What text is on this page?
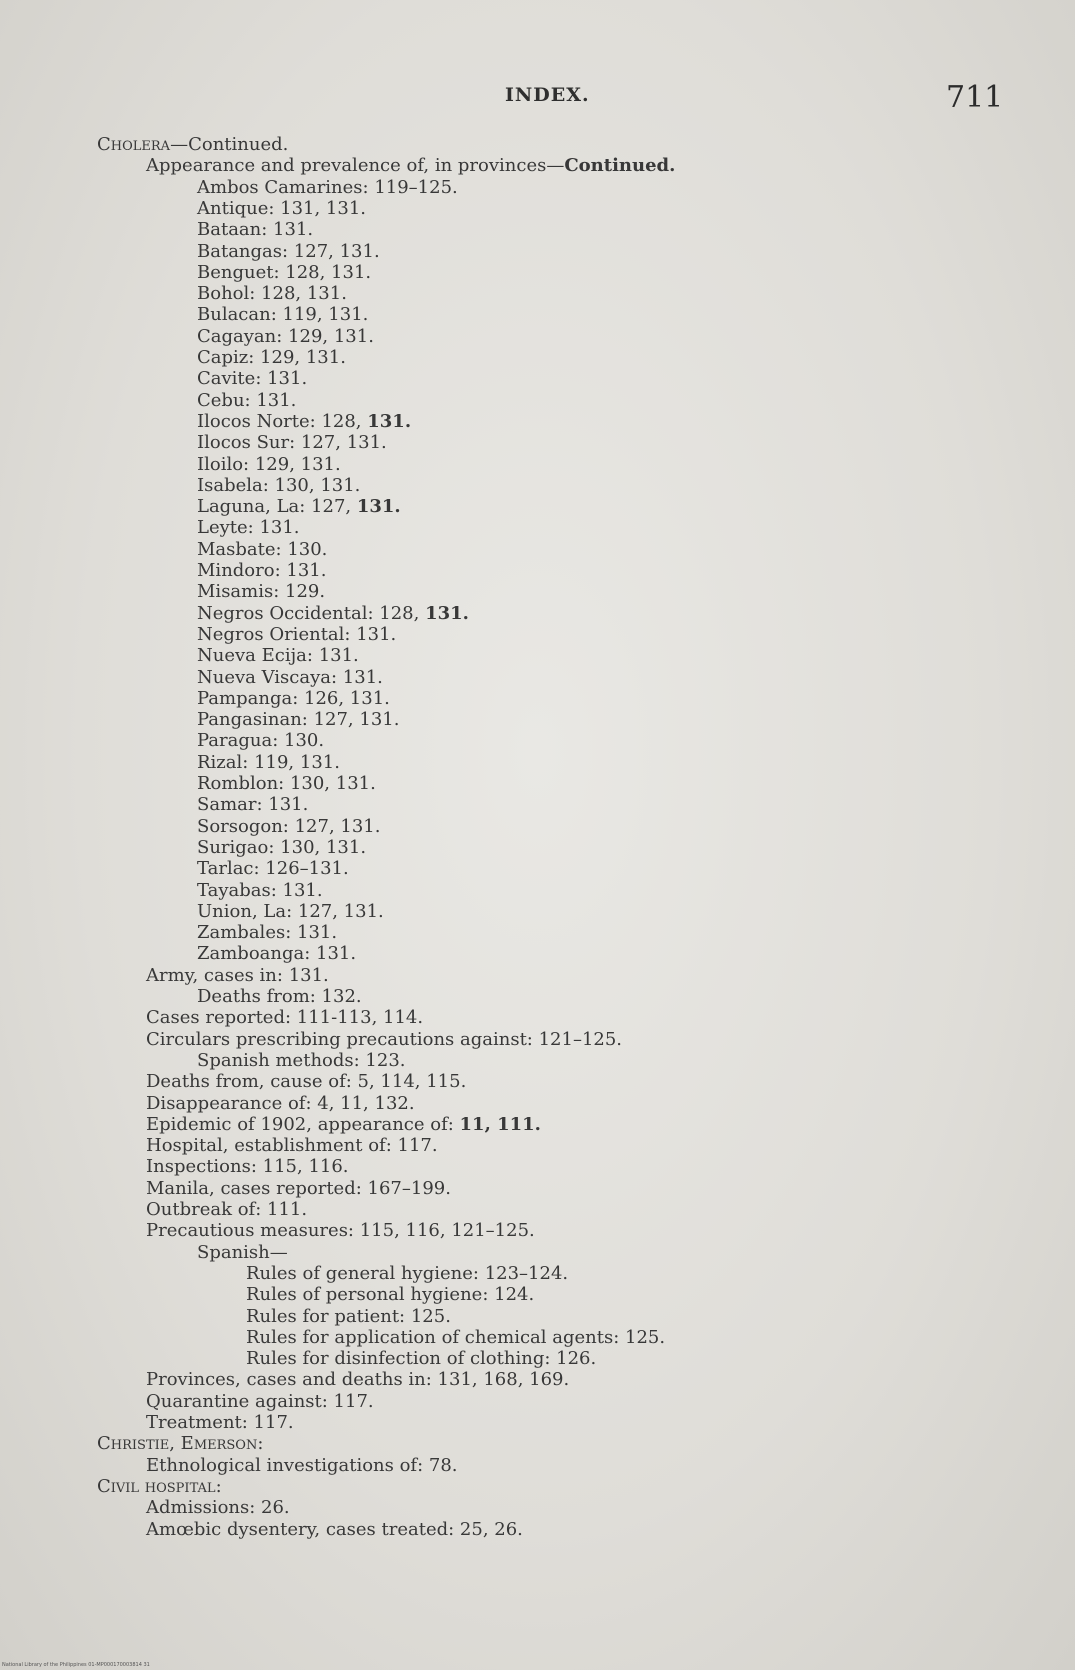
INDEX.	711
Cholera—Continued.
Appearance and prevalence of, in provinces—Continued.
Ambos Camarines: 119–125.
Antique: 131, 131.
Bataan: 131.
Batangas: 127, 131.
Benguet: 128, 131.
Bohol: 128, 131.
Bulacan: 119, 131.
Cagayan: 129, 131.
Capiz: 129, 131.
Cavite: 131.
Cebu: 131.
Ilocos Norte: 128, 131.
Ilocos Sur: 127, 131.
Iloilo: 129, 131.
Isabela: 130, 131.
Laguna, La: 127, 131.
Leyte: 131.
Masbate: 130.
Mindoro: 131.
Misamis: 129.
Negros Occidental: 128, 131.
Negros Oriental: 131.
Nueva Ecija: 131.
Nueva Viscaya: 131.
Pampanga: 126, 131.
Pangasinan: 127, 131.
Paragua: 130.
Rizal: 119, 131.
Romblon: 130, 131.
Samar: 131.
Sorsogon: 127, 131.
Surigao: 130, 131.
Tarlac: 126–131.
Tayabas: 131.
Union, La: 127, 131.
Zambales: 131.
Zamboanga: 131.
Army, cases in: 131.
Deaths from: 132.
Cases reported: 111-113, 114.
Circulars prescribing precautions against: 121–125.
Spanish methods: 123.
Deaths from, cause of: 5, 114, 115.
Disappearance of: 4, 11, 132.
Epidemic of 1902, appearance of: 11, 111.
Hospital, establishment of: 117.
Inspections: 115, 116.
Manila, cases reported: 167–199.
Outbreak of: 111.
Precautious measures: 115, 116, 121–125.
Spanish—
Rules of general hygiene: 123–124.
Rules of personal hygiene: 124.
Rules for patient: 125.
Rules for application of chemical agents: 125.
Rules for disinfection of clothing: 126.
Provinces, cases and deaths in: 131, 168, 169.
Quarantine against: 117.
Treatment: 117.
Christie, Emerson:
Ethnological investigations of: 78.
Civil hospital:
Admissions: 26.
Amœbic dysentery, cases treated: 25, 26.
National Library of the Philippines 01-MP000170003814 31
